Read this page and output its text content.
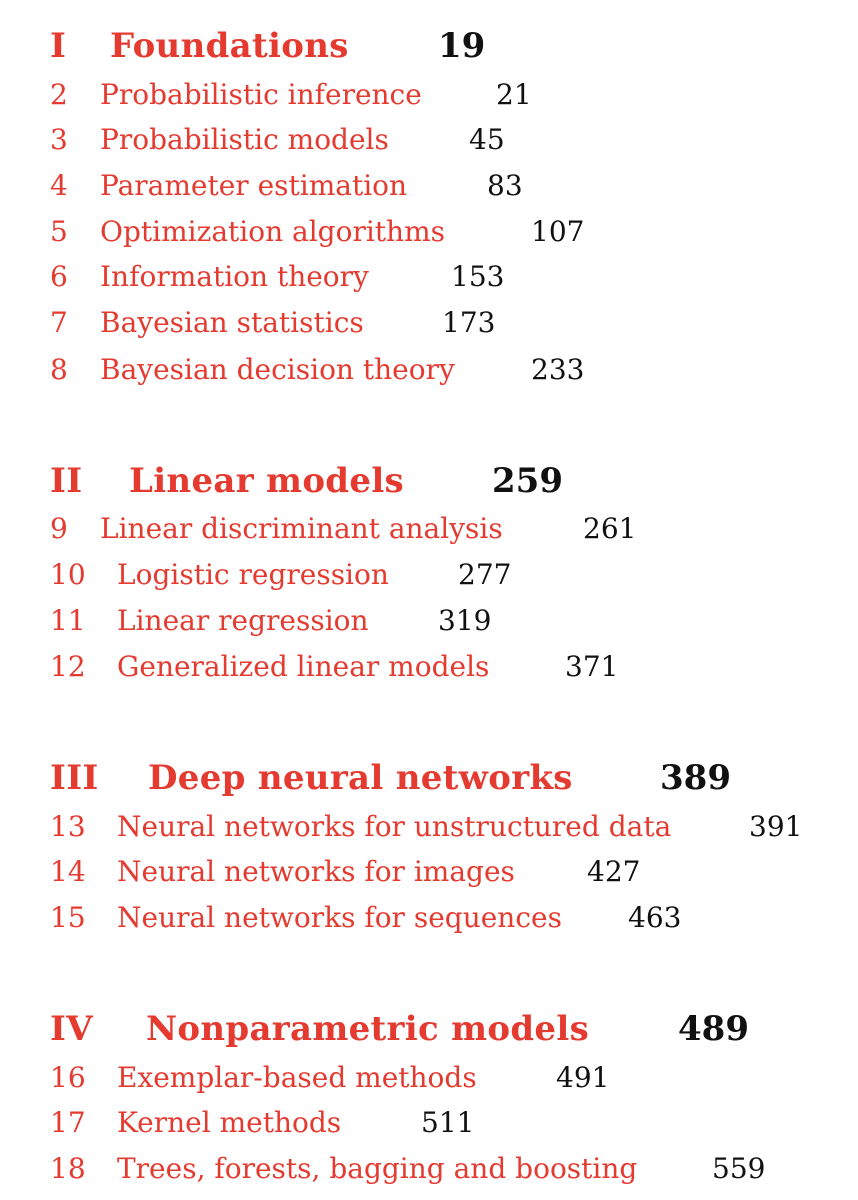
I Foundations	19
2 Probabilistic inference	21
3 Probabilistic models	45
4 Parameter estimation	83
5 Optimization algorithms	107
6 Information theory	153
7 Bayesian statistics	173
8 Bayesian decision theory	233
II Linear models	259
9 Linear discriminant analysis	261
10 Logistic regression 277
11 Linear regression 319
12 Generalized linear models	371
III Deep neural networks	389
13 Neural networks for unstructured data	391
14 Neural networks for images	427
15 Neural networks for sequences 463
IV Nonparametric models	489
16 Exemplar-based methods	491
17 Kernel methods	511
18 Trees, forests, bagging and boosting	559
